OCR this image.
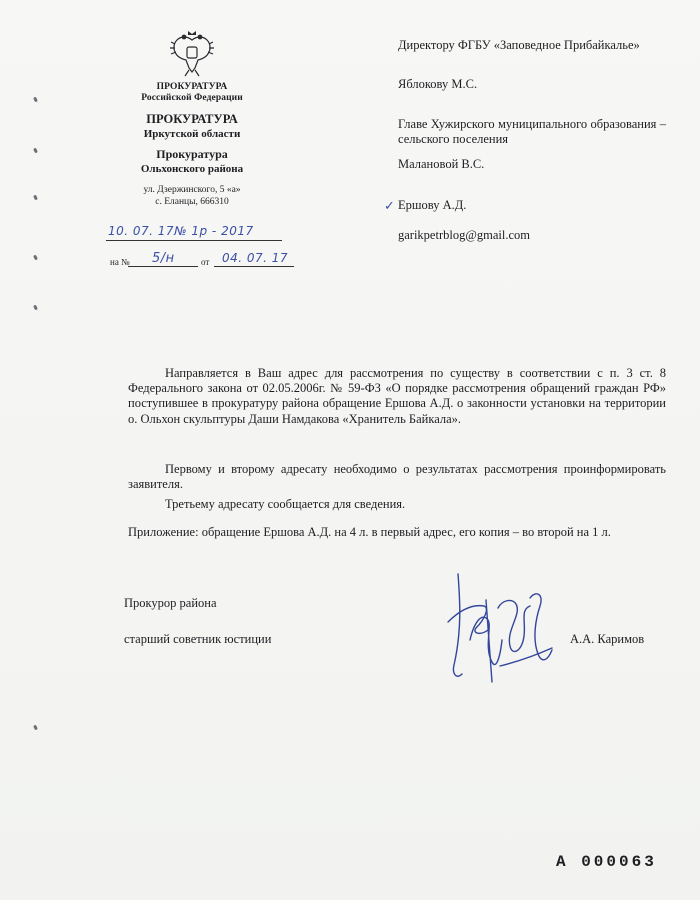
ПРОКУРАТУРА
Российской Федерации
ПРОКУРАТУРА
Иркутской области
Прокуратура
Ольхонского района
ул. Дзержинского, 5 «а»
с. Еланцы, 666310
10. 07. 17№ 1р - 2017
на № 5/н	от 04. 07. 17
Директору ФГБУ «Заповедное Прибайкалье»
Яблокову М.С.
Главе Хужирского муниципального образования – сельского поселения
Малановой В.С.
✓ Ершову А.Д.
garikpetrblog@gmail.com
Направляется в Ваш адрес для рассмотрения по существу в соответствии с п. 3 ст. 8 Федерального закона от 02.05.2006г. № 59-ФЗ «О порядке рассмотрения обращений граждан РФ» поступившее в прокуратуру района обращение Ершова А.Д. о законности установки на территории о. Ольхон скульптуры Даши Намдакова «Хранитель Байкала».
Первому и второму адресату необходимо о результатах рассмотрения проинформировать заявителя.
Третьему адресату сообщается для сведения.
Приложение: обращение Ершова А.Д. на 4 л. в первый адрес, его копия – во второй на 1 л.
Прокурор района
старший советник юстиции	А.А. Каримов
А 000063
